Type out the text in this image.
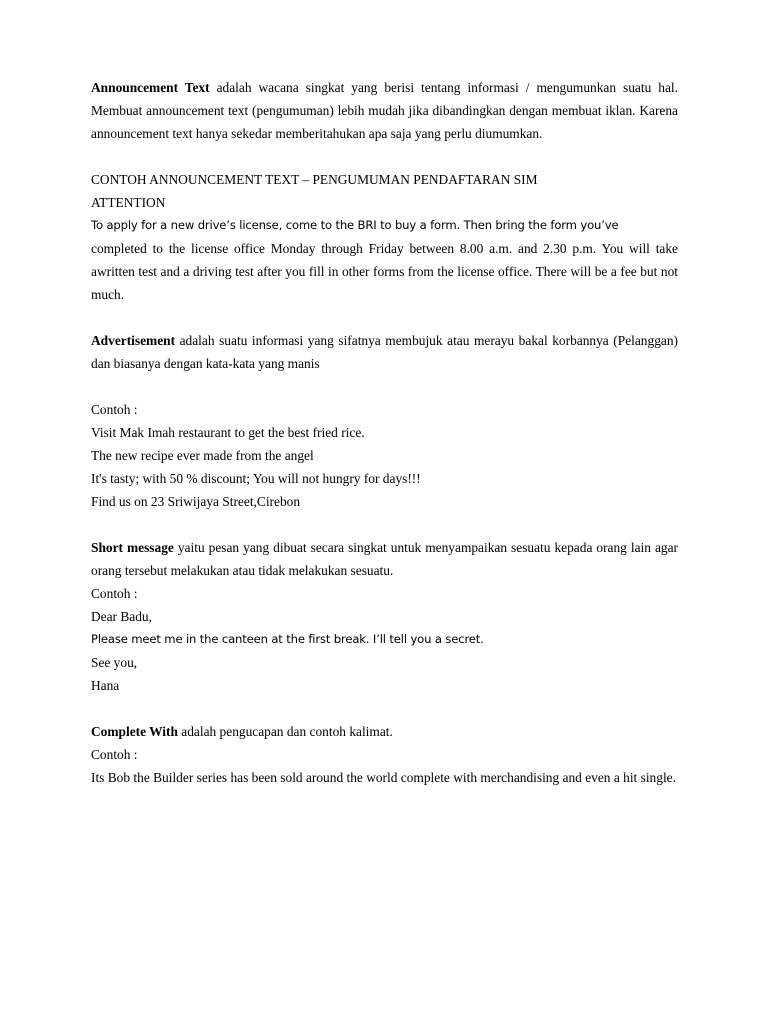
Announcement Text adalah wacana singkat yang berisi tentang informasi / mengumunkan suatu hal. Membuat announcement text (pengumuman) lebih mudah jika dibandingkan dengan membuat iklan. Karena announcement text hanya sekedar memberitahukan apa saja yang perlu diumumkan.

CONTOH ANNOUNCEMENT TEXT – PENGUMUMAN PENDAFTARAN SIM

ATTENTION

To apply for a new drive’s license, come to the BRI to buy a form. Then bring the form you’ve

completed to the license office Monday through Friday between 8.00 a.m. and 2.30 p.m. You will take awritten test and a driving test after you fill in other forms from the license office. There will be a fee but not much.

Advertisement adalah suatu informasi yang sifatnya membujuk atau merayu bakal korbannya (Pelanggan) dan biasanya dengan kata-kata yang manis

Contoh :

Visit Mak Imah restaurant to get the best fried rice.

The new recipe ever made from the angel

It's tasty; with 50 % discount; You will not hungry for days!!!

Find us on 23 Sriwijaya Street,Cirebon

Short message yaitu pesan yang dibuat secara singkat untuk menyampaikan sesuatu kepada orang lain agar orang tersebut melakukan atau tidak melakukan sesuatu.

Contoh :

Dear Badu,

Please meet me in the canteen at the first break. I’ll tell you a secret.

See you,

Hana

Complete With adalah pengucapan dan contoh kalimat.

Contoh :

Its Bob the Builder series has been sold around the world complete with merchandising and even a hit single.
